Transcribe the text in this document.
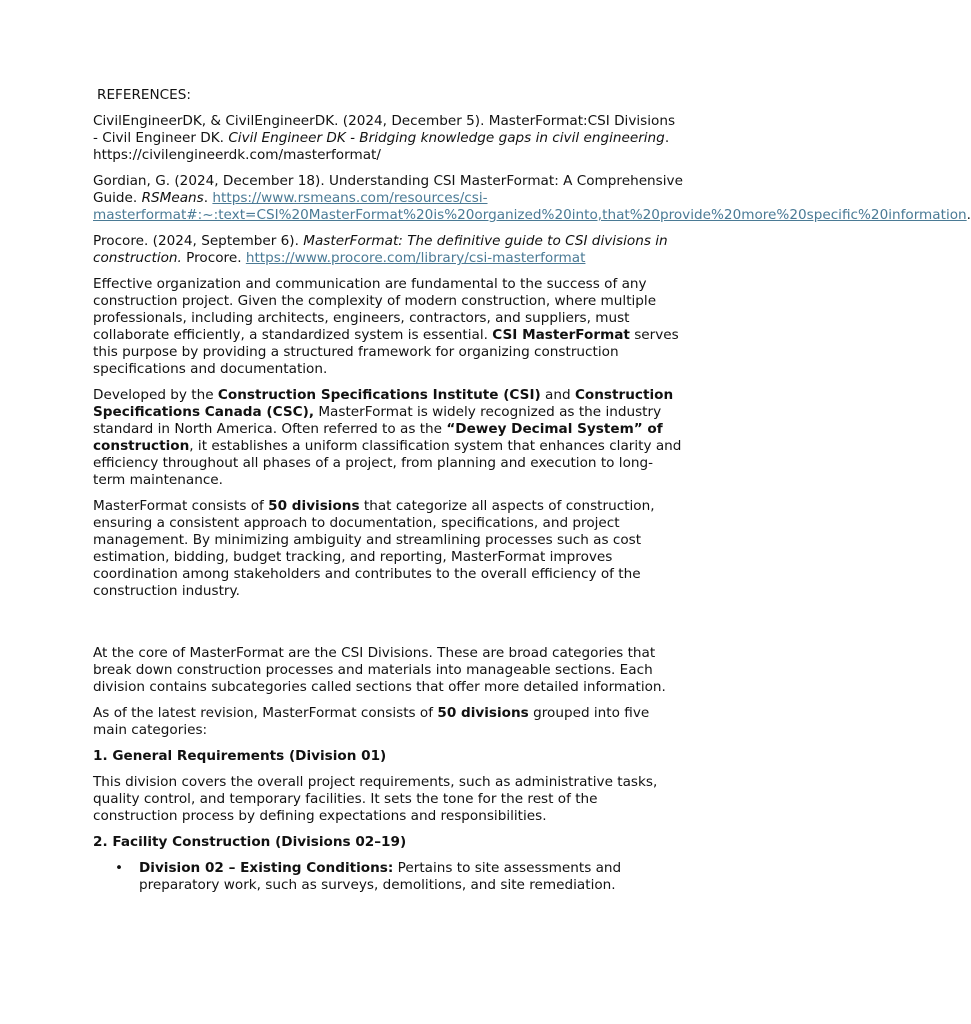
REFERENCES:

CivilEngineerDK, & CivilEngineerDK. (2024, December 5). MasterFormat:CSI Divisions - Civil Engineer DK. Civil Engineer DK - Bridging knowledge gaps in civil engineering. https://civilengineerdk.com/masterformat/

Gordian, G. (2024, December 18). Understanding CSI MasterFormat: A Comprehensive Guide. RSMeans. https://www.rsmeans.com/resources/csi-masterformat#:~:text=CSI%20MasterFormat%20is%20organized%20into,that%20provide%20more%20specific%20information.

Procore. (2024, September 6). MasterFormat: The definitive guide to CSI divisions in construction. Procore. https://www.procore.com/library/csi-masterformat

Effective organization and communication are fundamental to the success of any construction project. Given the complexity of modern construction, where multiple professionals, including architects, engineers, contractors, and suppliers, must collaborate efficiently, a standardized system is essential. CSI MasterFormat serves this purpose by providing a structured framework for organizing construction specifications and documentation.

Developed by the Construction Specifications Institute (CSI) and Construction Specifications Canada (CSC), MasterFormat is widely recognized as the industry standard in North America. Often referred to as the “Dewey Decimal System” of construction, it establishes a uniform classification system that enhances clarity and efficiency throughout all phases of a project, from planning and execution to long-term maintenance.

MasterFormat consists of 50 divisions that categorize all aspects of construction, ensuring a consistent approach to documentation, specifications, and project management. By minimizing ambiguity and streamlining processes such as cost estimation, bidding, budget tracking, and reporting, MasterFormat improves coordination among stakeholders and contributes to the overall efficiency of the construction industry.

At the core of MasterFormat are the CSI Divisions. These are broad categories that break down construction processes and materials into manageable sections. Each division contains subcategories called sections that offer more detailed information.

As of the latest revision, MasterFormat consists of 50 divisions grouped into five main categories:

1. General Requirements (Division 01)

This division covers the overall project requirements, such as administrative tasks, quality control, and temporary facilities. It sets the tone for the rest of the construction process by defining expectations and responsibilities.

2. Facility Construction (Divisions 02–19)
• Division 02 – Existing Conditions: Pertains to site assessments and preparatory work, such as surveys, demolitions, and site remediation.
